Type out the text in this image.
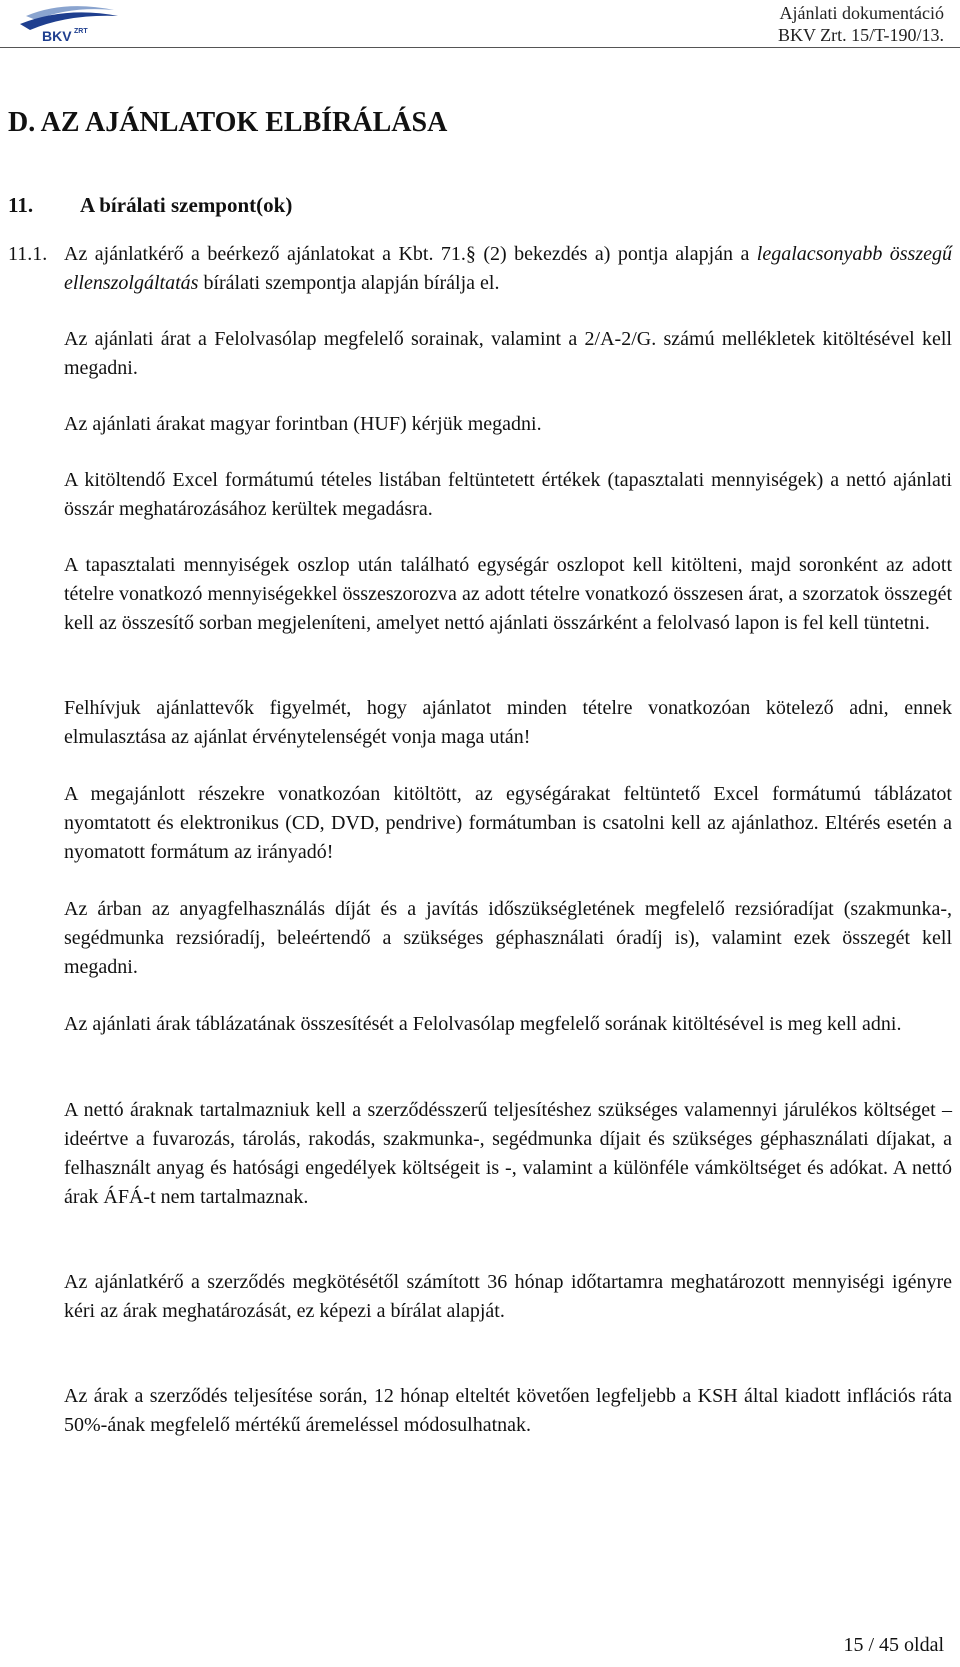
BKV ZRT
Ajánlati dokumentáció
BKV Zrt. 15/T-190/13.
D. AZ AJÁNLATOK ELBÍRÁLÁSA
11. A bírálati szempont(ok)
11.1. Az ajánlatkérő a beérkező ajánlatokat a Kbt. 71.§ (2) bekezdés a) pontja alapján a legalacsonyabb összegű ellenszolgáltatás bírálati szempontja alapján bírálja el.

Az ajánlati árat a Felolvasólap megfelelő sorainak, valamint a 2/A-2/G. számú mellékletek kitöltésével kell megadni.

Az ajánlati árakat magyar forintban (HUF) kérjük megadni.

A kitöltendő Excel formátumú tételes listában feltüntetett értékek (tapasztalati mennyiségek) a nettó ajánlati összár meghatározásához kerültek megadásra.

A tapasztalati mennyiségek oszlop után található egységár oszlopot kell kitölteni, majd soronként az adott tételre vonatkozó mennyiségekkel összeszorozva az adott tételre vonatkozó összesen árat, a szorzatok összegét kell az összesítő sorban megjeleníteni, amelyet nettó ajánlati összárként a felolvasó lapon is fel kell tüntetni.

Felhívjuk ajánlattevők figyelmét, hogy ajánlatot minden tételre vonatkozóan kötelező adni, ennek elmulasztása az ajánlat érvénytelenségét vonja maga után!

A megajánlott részekre vonatkozóan kitöltött, az egységárakat feltüntető Excel formátumú táblázatot nyomtatott és elektronikus (CD, DVD, pendrive) formátumban is csatolni kell az ajánlathoz. Eltérés esetén a nyomatott formátum az irányadó!

Az árban az anyagfelhasználás díját és a javítás időszükségletének megfelelő rezsióradíjat (szakmunka-, segédmunka rezsióradíj, beleértendő a szükséges géphasználati óradíj is), valamint ezek összegét kell megadni.

Az ajánlati árak táblázatának összesítését a Felolvasólap megfelelő sorának kitöltésével is meg kell adni.

A nettó áraknak tartalmazniuk kell a szerződésszerű teljesítéshez szükséges valamennyi járulékos költséget – ideértve a fuvarozás, tárolás, rakodás, szakmunka-, segédmunka díjait és szükséges géphasználati díjakat, a felhasznált anyag és hatósági engedélyek költségeit is -, valamint a különféle vámköltséget és adókat. A nettó árak ÁFÁ-t nem tartalmaznak.

Az ajánlatkérő a szerződés megkötésétől számított 36 hónap időtartamra meghatározott mennyiségi igényre kéri az árak meghatározását, ez képezi a bírálat alapját.

Az árak a szerződés teljesítése során, 12 hónap elteltét követően legfeljebb a KSH által kiadott inflációs ráta 50%-ának megfelelő mértékű áremeléssel módosulhatnak.

15 / 45 oldal
